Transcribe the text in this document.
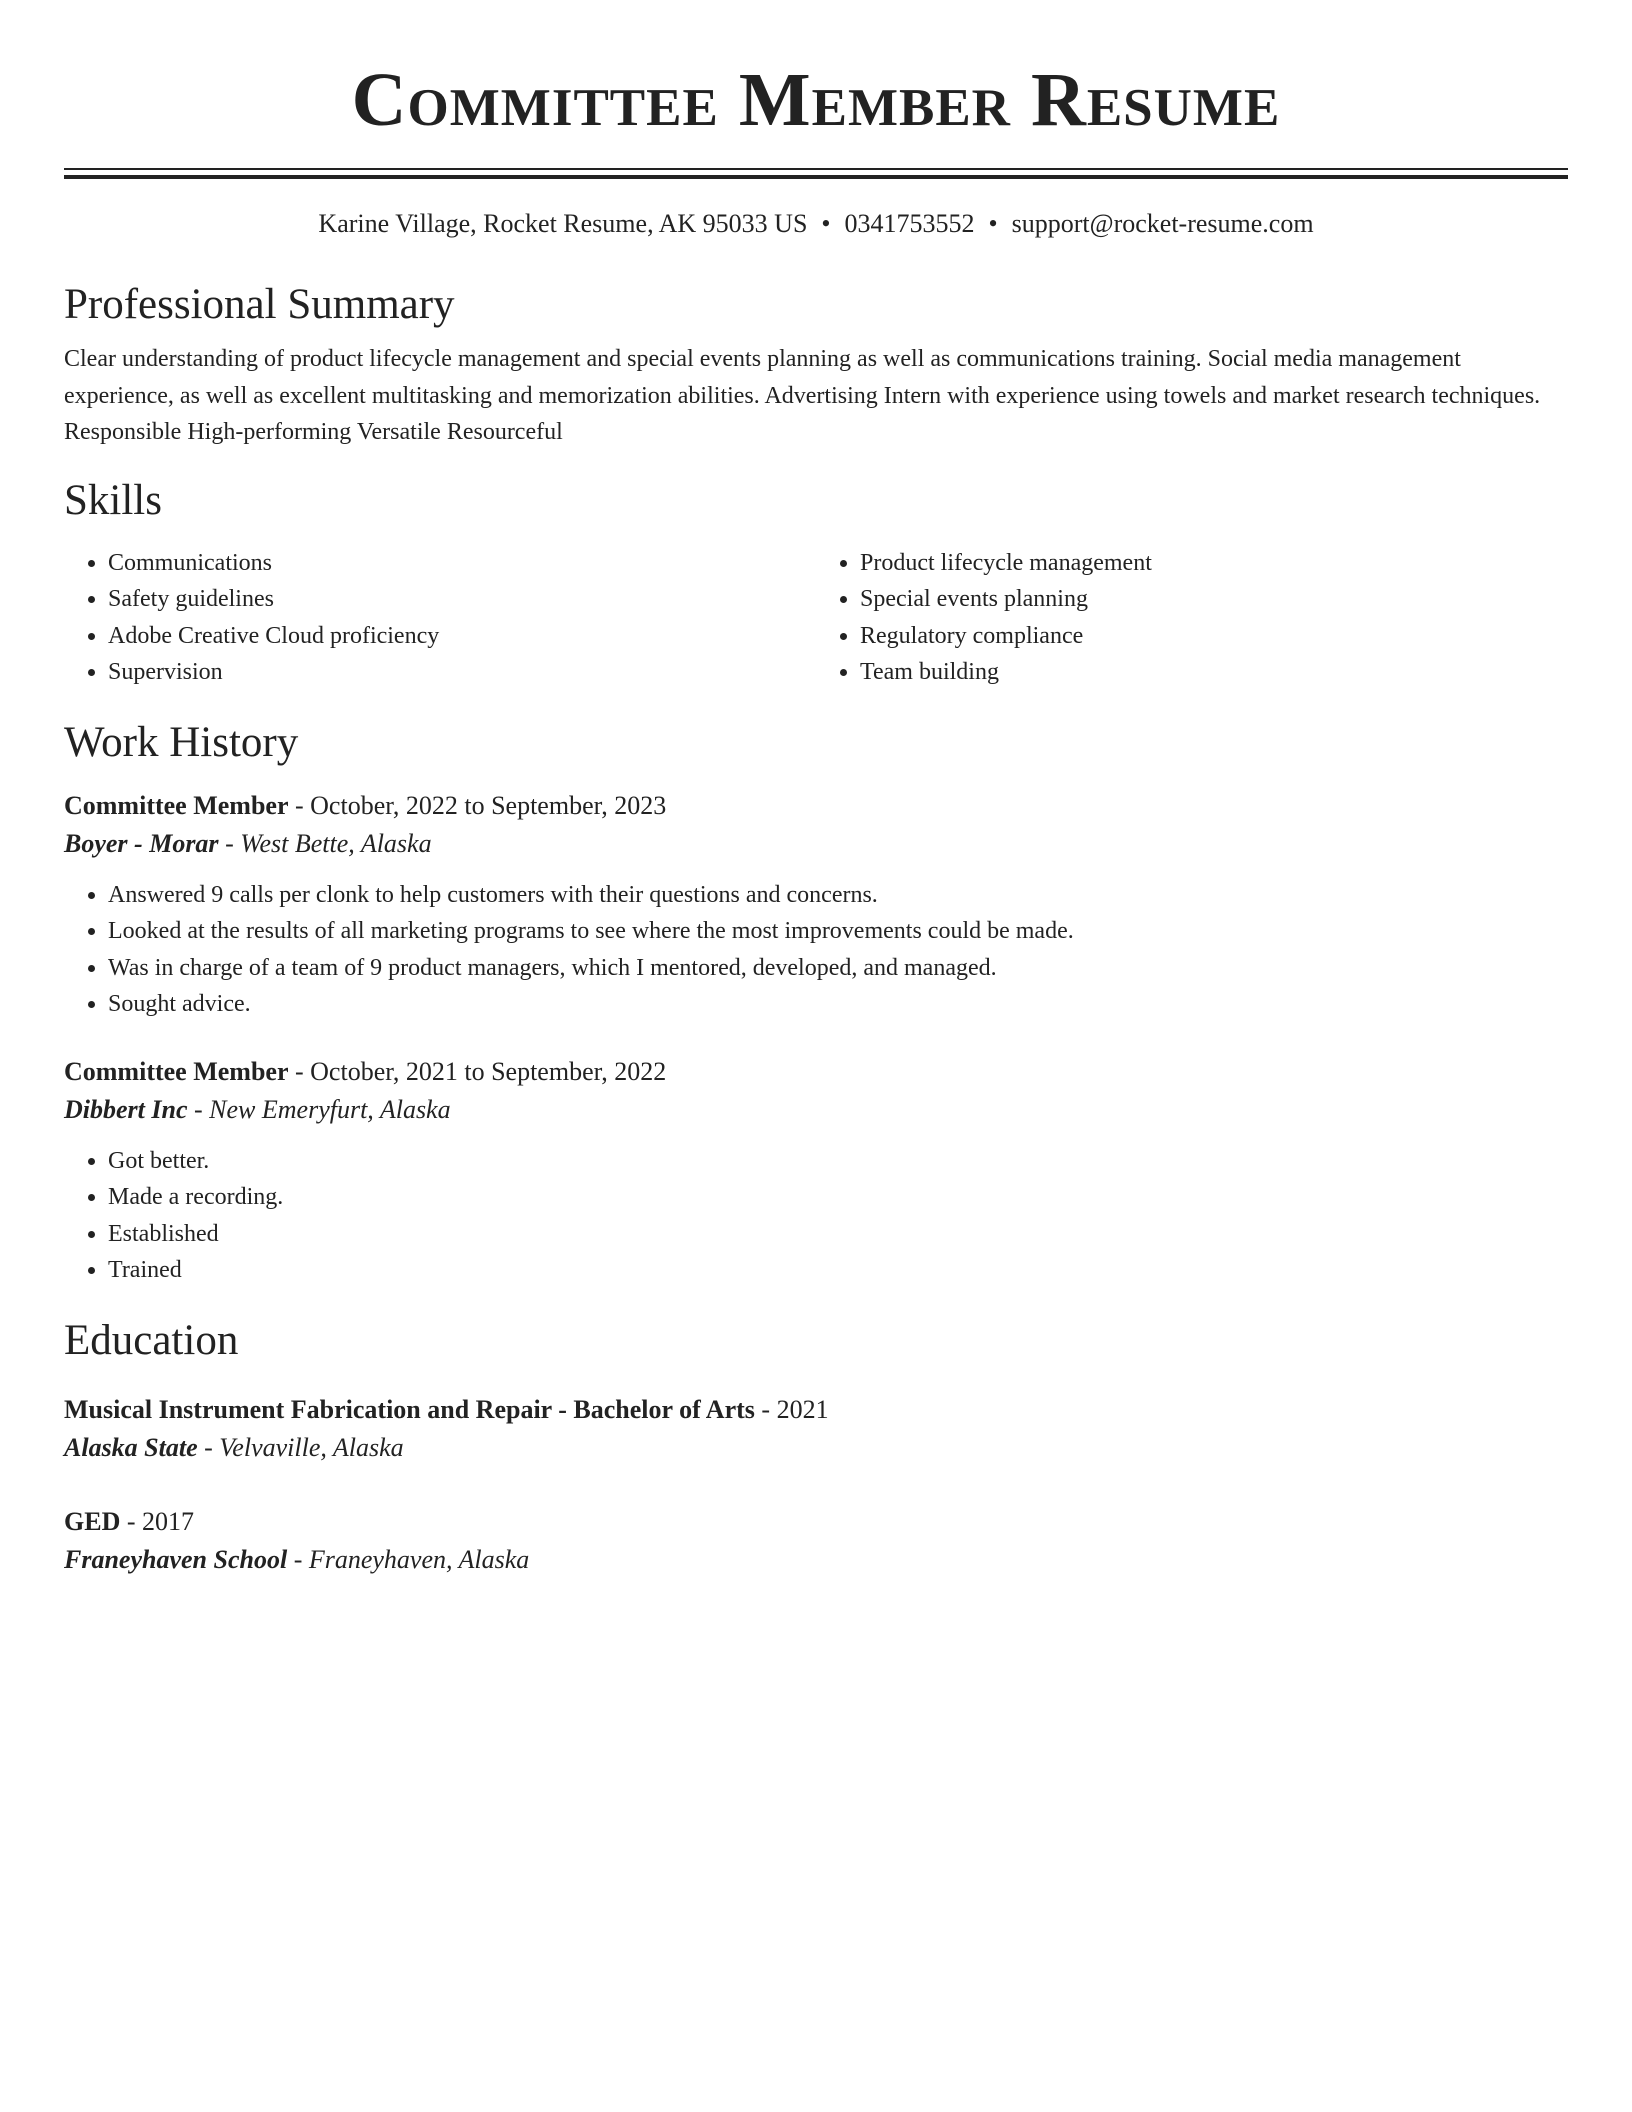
Committee Member Resume
Karine Village, Rocket Resume, AK 95033 US • 0341753552 • support@rocket-resume.com
Professional Summary
Clear understanding of product lifecycle management and special events planning as well as communications training. Social media management experience, as well as excellent multitasking and memorization abilities. Advertising Intern with experience using towels and market research techniques. Responsible High-performing Versatile Resourceful
Skills
• Communications
• Safety guidelines
• Adobe Creative Cloud proficiency
• Supervision
• Product lifecycle management
• Special events planning
• Regulatory compliance
• Team building
Work History
Committee Member - October, 2022 to September, 2023
Boyer - Morar - West Bette, Alaska
• Answered 9 calls per clonk to help customers with their questions and concerns.
• Looked at the results of all marketing programs to see where the most improvements could be made.
• Was in charge of a team of 9 product managers, which I mentored, developed, and managed.
• Sought advice.
Committee Member - October, 2021 to September, 2022
Dibbert Inc - New Emeryfurt, Alaska
• Got better.
• Made a recording.
• Established
• Trained
Education
Musical Instrument Fabrication and Repair - Bachelor of Arts - 2021
Alaska State - Velvaville, Alaska
GED - 2017
Franeyhaven School - Franeyhaven, Alaska
